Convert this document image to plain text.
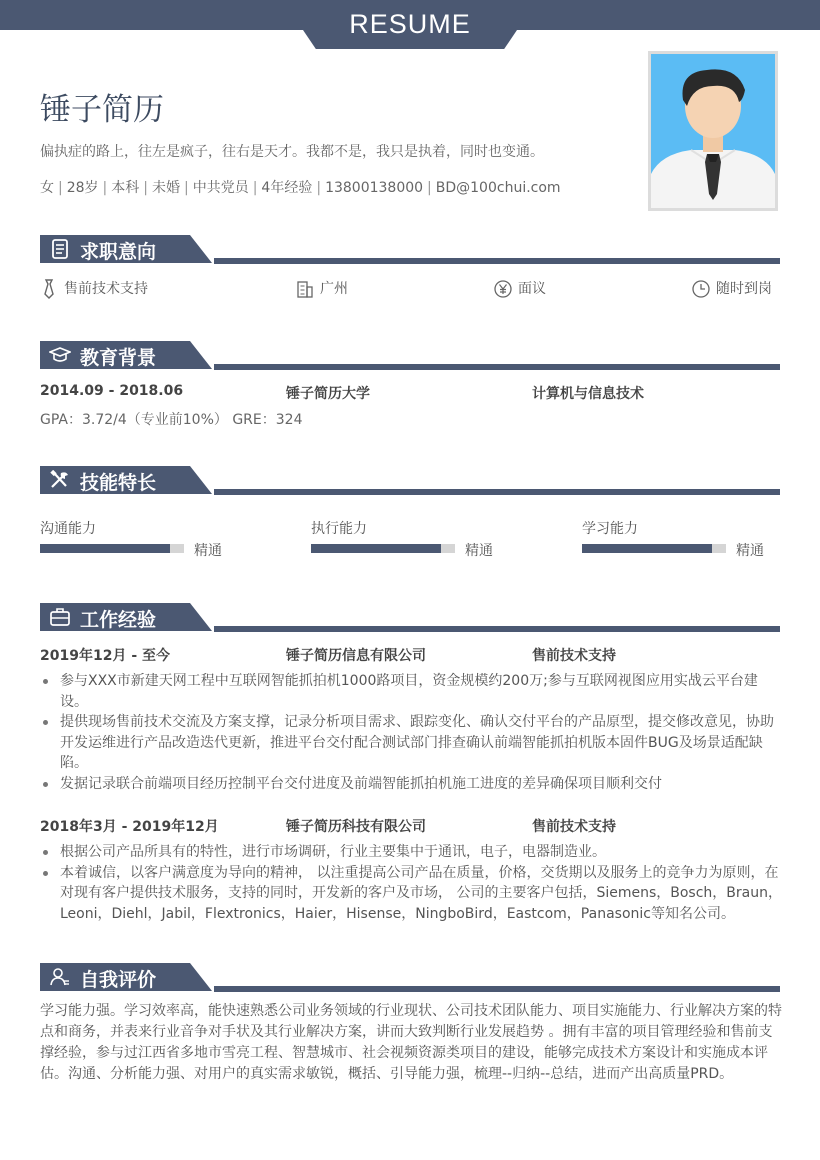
RESUME
锤子简历
偏执症的路上，往左是疯子，往右是天才。我都不是，我只是执着，同时也变通。
女 | 28岁 | 本科 | 未婚 | 中共党员 | 4年经验 | 13800138000 | BD@100chui.com
求职意向
售前技术支持	广州	面议	随时到岗
教育背景
2014.09 - 2018.06	锤子简历大学	计算机与信息技术
GPA：3.72/4（专业前10%） GRE：324
技能特长
沟通能力
精通
执行能力
精通
学习能力
精通
工作经验
2019年12月 - 至今	锤子简历信息有限公司	售前技术支持
参与XXX市新建天网工程中互联网智能抓拍机1000路项目，资金规模约200万;参与互联网视图应用实战云平台建设。
提供现场售前技术交流及方案支撑，记录分析项目需求、跟踪变化、确认交付平台的产品原型，提交修改意见，协助开发运维进行产品改造迭代更新，推进平台交付配合测试部门排查确认前端智能抓拍机版本固件BUG及场景适配缺陷。
发据记录联合前端项目经历控制平台交付进度及前端智能抓拍机施工进度的差异确保项目顺利交付
2018年3月 - 2019年12月	锤子简历科技有限公司	售前技术支持
根据公司产品所具有的特性，进行市场调研，行业主要集中于通讯，电子，电器制造业。
本着诚信，以客户满意度为导向的精神， 以注重提高公司产品在质量，价格，交货期以及服务上的竞争力为原则，在对现有客户提供技术服务，支持的同时，开发新的客户及市场， 公司的主要客户包括，Siemens，Bosch，Braun，Leoni，Diehl，Jabil，Flextronics，Haier，Hisense，NingboBird，Eastcom，Panasonic等知名公司。
自我评价

学习能力强。学习效率高，能快速熟悉公司业务领域的行业现状、公司技术团队能力、项目实施能力、行业解决方案的特点和商务，并表来行业音争对手状及其行业解决方案，讲而大致判断行业发展趋势 。拥有丰富的项目管理经验和售前支撑经验，参与过江西省多地市雪亮工程、智慧城市、社会视频资源类项目的建设，能够完成技术方案设计和实施成本评估。沟通、分析能力强、对用户的真实需求敏锐，概括、引导能力强，梳理--归纳--总结，进而产出高质量PRD。
